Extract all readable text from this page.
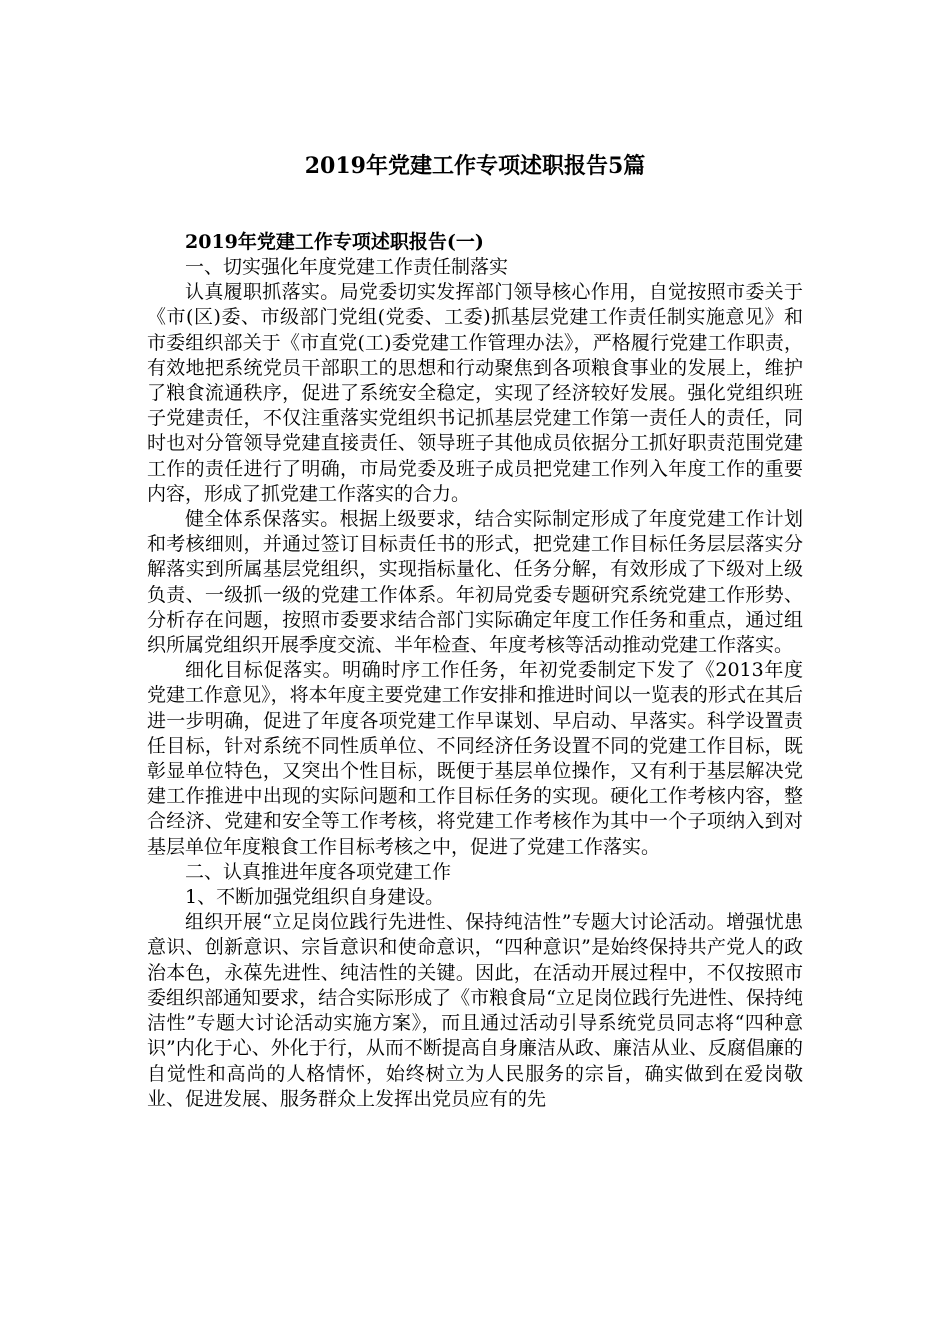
2019年党建工作专项述职报告5篇

2019年党建工作专项述职报告(一)

一、切实强化年度党建工作责任制落实

认真履职抓落实。局党委切实发挥部门领导核心作用，自觉按照市委关于《市(区)委、市级部门党组(党委、工委)抓基层党建工作责任制实施意见》和市委组织部关于《市直党(工)委党建工作管理办法》，严格履行党建工作职责，有效地把系统党员干部职工的思想和行动聚焦到各项粮食事业的发展上，维护了粮食流通秩序，促进了系统安全稳定，实现了经济较好发展。强化党组织班子党建责任，不仅注重落实党组织书记抓基层党建工作第一责任人的责任，同时也对分管领导党建直接责任、领导班子其他成员依据分工抓好职责范围党建工作的责任进行了明确，市局党委及班子成员把党建工作列入年度工作的重要内容，形成了抓党建工作落实的合力。

健全体系保落实。根据上级要求，结合实际制定形成了年度党建工作计划和考核细则，并通过签订目标责任书的形式，把党建工作目标任务层层落实分解落实到所属基层党组织，实现指标量化、任务分解，有效形成了下级对上级负责、一级抓一级的党建工作体系。年初局党委专题研究系统党建工作形势、分析存在问题，按照市委要求结合部门实际确定年度工作任务和重点，通过组织所属党组织开展季度交流、半年检查、年度考核等活动推动党建工作落实。

细化目标促落实。明确时序工作任务，年初党委制定下发了《2013年度党建工作意见》，将本年度主要党建工作安排和推进时间以一览表的形式在其后进一步明确，促进了年度各项党建工作早谋划、早启动、早落实。科学设置责任目标，针对系统不同性质单位、不同经济任务设置不同的党建工作目标，既彰显单位特色，又突出个性目标，既便于基层单位操作，又有利于基层解决党建工作推进中出现的实际问题和工作目标任务的实现。硬化工作考核内容，整合经济、党建和安全等工作考核，将党建工作考核作为其中一个子项纳入到对基层单位年度粮食工作目标考核之中，促进了党建工作落实。

二、认真推进年度各项党建工作

1、不断加强党组织自身建设。

组织开展“立足岗位践行先进性、保持纯洁性”专题大讨论活动。增强忧患意识、创新意识、宗旨意识和使命意识，“四种意识”是始终保持共产党人的政治本色，永葆先进性、纯洁性的关键。因此，在活动开展过程中，不仅按照市委组织部通知要求，结合实际形成了《市粮食局“立足岗位践行先进性、保持纯洁性”专题大讨论活动实施方案》，而且通过活动引导系统党员同志将“四种意识”内化于心、外化于行，从而不断提高自身廉洁从政、廉洁从业、反腐倡廉的自觉性和高尚的人格情怀，始终树立为人民服务的宗旨，确实做到在爱岗敬业、促进发展、服务群众上发挥出党员应有的先
